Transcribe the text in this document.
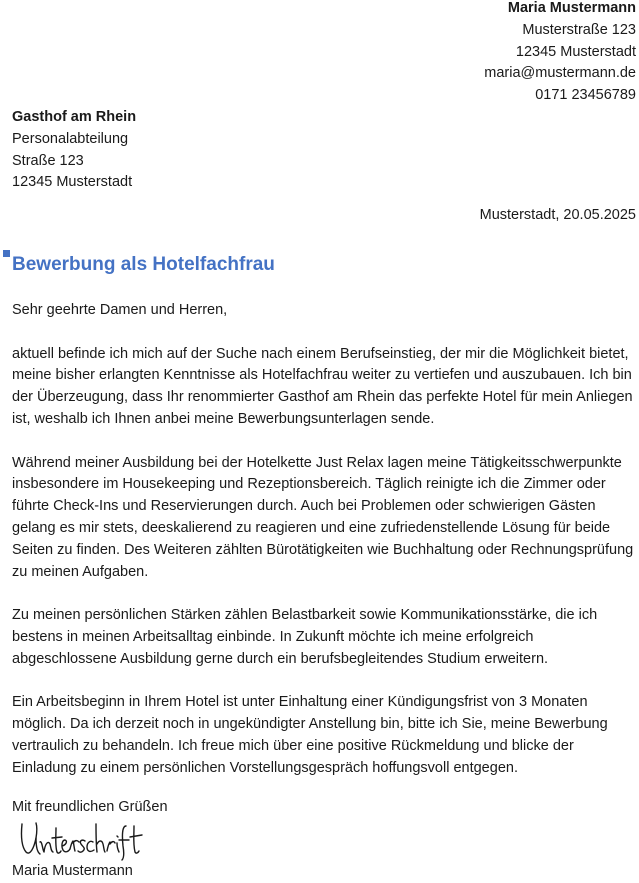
Maria Mustermann
Musterstraße 123
12345 Musterstadt
maria@mustermann.de
0171 23456789
Gasthof am Rhein
Personalabteilung
Straße 123
12345 Musterstadt
Musterstadt, 20.05.2025
Bewerbung als Hotelfachfrau

Sehr geehrte Damen und Herren,

aktuell befinde ich mich auf der Suche nach einem Berufseinstieg, der mir die Möglichkeit bietet, meine bisher erlangten Kenntnisse als Hotelfachfrau weiter zu vertiefen und auszubauen. Ich bin der Überzeugung, dass Ihr renommierter Gasthof am Rhein das perfekte Hotel für mein Anliegen ist, weshalb ich Ihnen anbei meine Bewerbungsunterlagen sende.

Während meiner Ausbildung bei der Hotelkette Just Relax lagen meine Tätigkeitsschwerpunkte insbesondere im Housekeeping und Rezeptionsbereich. Täglich reinigte ich die Zimmer oder führte Check-Ins und Reservierungen durch. Auch bei Problemen oder schwierigen Gästen gelang es mir stets, deeskalierend zu reagieren und eine zufriedenstellende Lösung für beide Seiten zu finden. Des Weiteren zählten Bürotätigkeiten wie Buchhaltung oder Rechnungsprüfung zu meinen Aufgaben.

Zu meinen persönlichen Stärken zählen Belastbarkeit sowie Kommunikationsstärke, die ich bestens in meinen Arbeitsalltag einbinde. In Zukunft möchte ich meine erfolgreich abgeschlossene Ausbildung gerne durch ein berufsbegleitendes Studium erweitern.

Ein Arbeitsbeginn in Ihrem Hotel ist unter Einhaltung einer Kündigungsfrist von 3 Monaten möglich. Da ich derzeit noch in ungekündigter Anstellung bin, bitte ich Sie, meine Bewerbung vertraulich zu behandeln. Ich freue mich über eine positive Rückmeldung und blicke der Einladung zu einem persönlichen Vorstellungsgespräch hoffungsvoll entgegen.

Mit freundlichen Grüßen
Maria Mustermann
